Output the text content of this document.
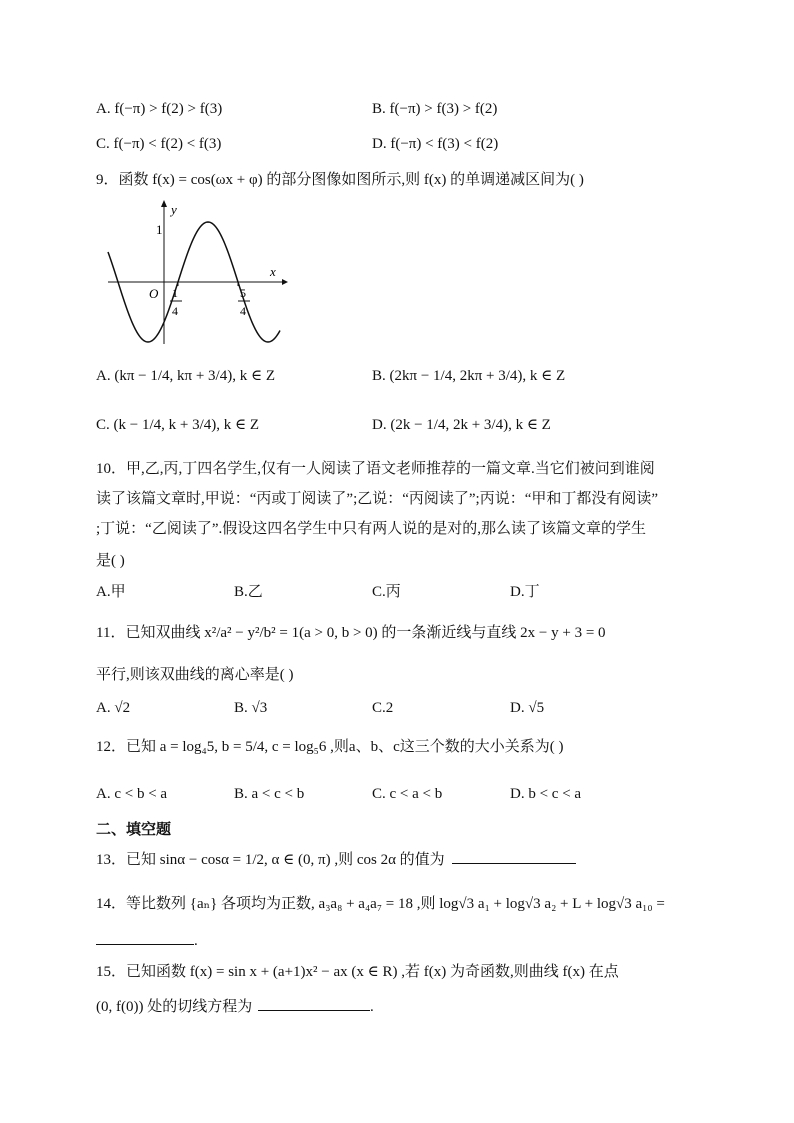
A. f(−π) > f(2) > f(3)	B. f(−π) > f(3) > f(2)
C. f(−π) < f(2) < f(3)	D. f(−π) < f(3) < f(2)
9．函数 f(x) = cos(ωx + φ) 的部分图像如图所示,则 f(x) 的单调递减区间为( )
y
x
O
1
1
4
5
4
A. (kπ − 1/4, kπ + 3/4), k ∈ Z	B. (2kπ − 1/4, 2kπ + 3/4), k ∈ Z
C. (k − 1/4, k + 3/4), k ∈ Z	D. (2k − 1/4, 2k + 3/4), k ∈ Z
10．甲,乙,丙,丁四名学生,仅有一人阅读了语文老师推荐的一篇文章.当它们被问到谁阅
读了该篇文章时,甲说：“丙或丁阅读了”;乙说：“丙阅读了”;丙说：“甲和丁都没有阅读”
;丁说：“乙阅读了”.假设这四名学生中只有两人说的是对的,那么读了该篇文章的学生
是( )
A.甲	B.乙	C.丙	D.丁
11．已知双曲线 x²/a² − y²/b² = 1(a > 0, b > 0) 的一条渐近线与直线 2x − y + 3 = 0
平行,则该双曲线的离心率是( )
A. √2	B. √3	C.2	D. √5
12．已知 a = log₄5, b = 5/4, c = log₅6 ,则a、b、c这三个数的大小关系为( )
A. c < b < a	B. a < c < b	C. c < a < b	D. b < c < a
二、填空题
13．已知 sinα − cosα = 1/2, α ∈ (0, π) ,则 cos 2α 的值为
14．等比数列 {aₙ} 各项均为正数, a₃a₈ + a₄a₇ = 18 ,则 log√3 a₁ + log√3 a₂ + L + log√3 a₁₀ =
.
15．已知函数 f(x) = sin x + (a+1)x² − ax (x ∈ R) ,若 f(x) 为奇函数,则曲线 f(x) 在点
(0, f(0)) 处的切线方程为	.
